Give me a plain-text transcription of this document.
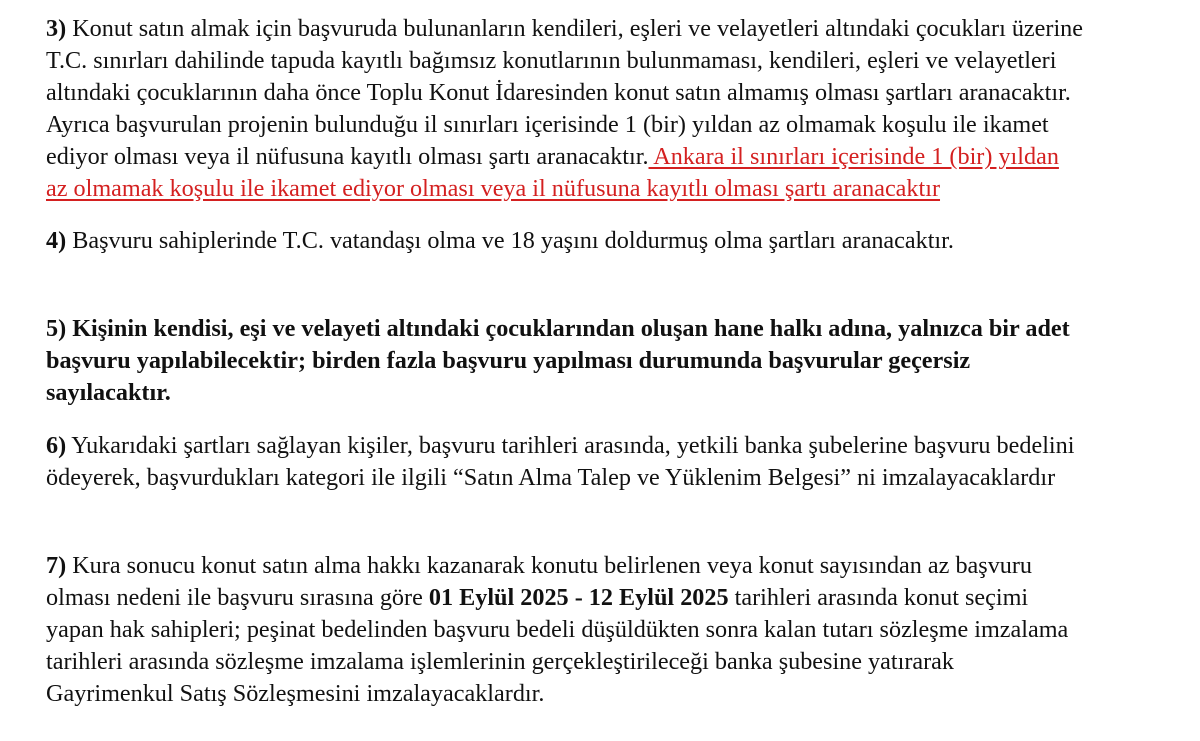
3) Konut satın almak için başvuruda bulunanların kendileri, eşleri ve velayetleri altındaki çocukları üzerine
T.C. sınırları dahilinde tapuda kayıtlı bağımsız konutlarının bulunmaması, kendileri, eşleri ve velayetleri
altındaki çocuklarının daha önce Toplu Konut İdaresinden konut satın almamış olması şartları aranacaktır.
Ayrıca başvurulan projenin bulunduğu il sınırları içerisinde 1 (bir) yıldan az olmamak koşulu ile ikamet
ediyor olması veya il nüfusuna kayıtlı olması şartı aranacaktır. Ankara il sınırları içerisinde 1 (bir) yıldan
az olmamak koşulu ile ikamet ediyor olması veya il nüfusuna kayıtlı olması şartı aranacaktır

4) Başvuru sahiplerinde T.C. vatandaşı olma ve 18 yaşını doldurmuş olma şartları aranacaktır.

5) Kişinin kendisi, eşi ve velayeti altındaki çocuklarından oluşan hane halkı adına, yalnızca bir adet
başvuru yapılabilecektir; birden fazla başvuru yapılması durumunda başvurular geçersiz
sayılacaktır.

6) Yukarıdaki şartları sağlayan kişiler, başvuru tarihleri arasında, yetkili banka şubelerine başvuru bedelini
ödeyerek, başvurdukları kategori ile ilgili “Satın Alma Talep ve Yüklenim Belgesi” ni imzalayacaklardır

7) Kura sonucu konut satın alma hakkı kazanarak konutu belirlenen veya konut sayısından az başvuru
olması nedeni ile başvuru sırasına göre 01 Eylül 2025 - 12 Eylül 2025 tarihleri arasında konut seçimi
yapan hak sahipleri; peşinat bedelinden başvuru bedeli düşüldükten sonra kalan tutarı sözleşme imzalama
tarihleri arasında sözleşme imzalama işlemlerinin gerçekleştirileceği banka şubesine yatırarak
Gayrimenkul Satış Sözleşmesini imzalayacaklardır.
